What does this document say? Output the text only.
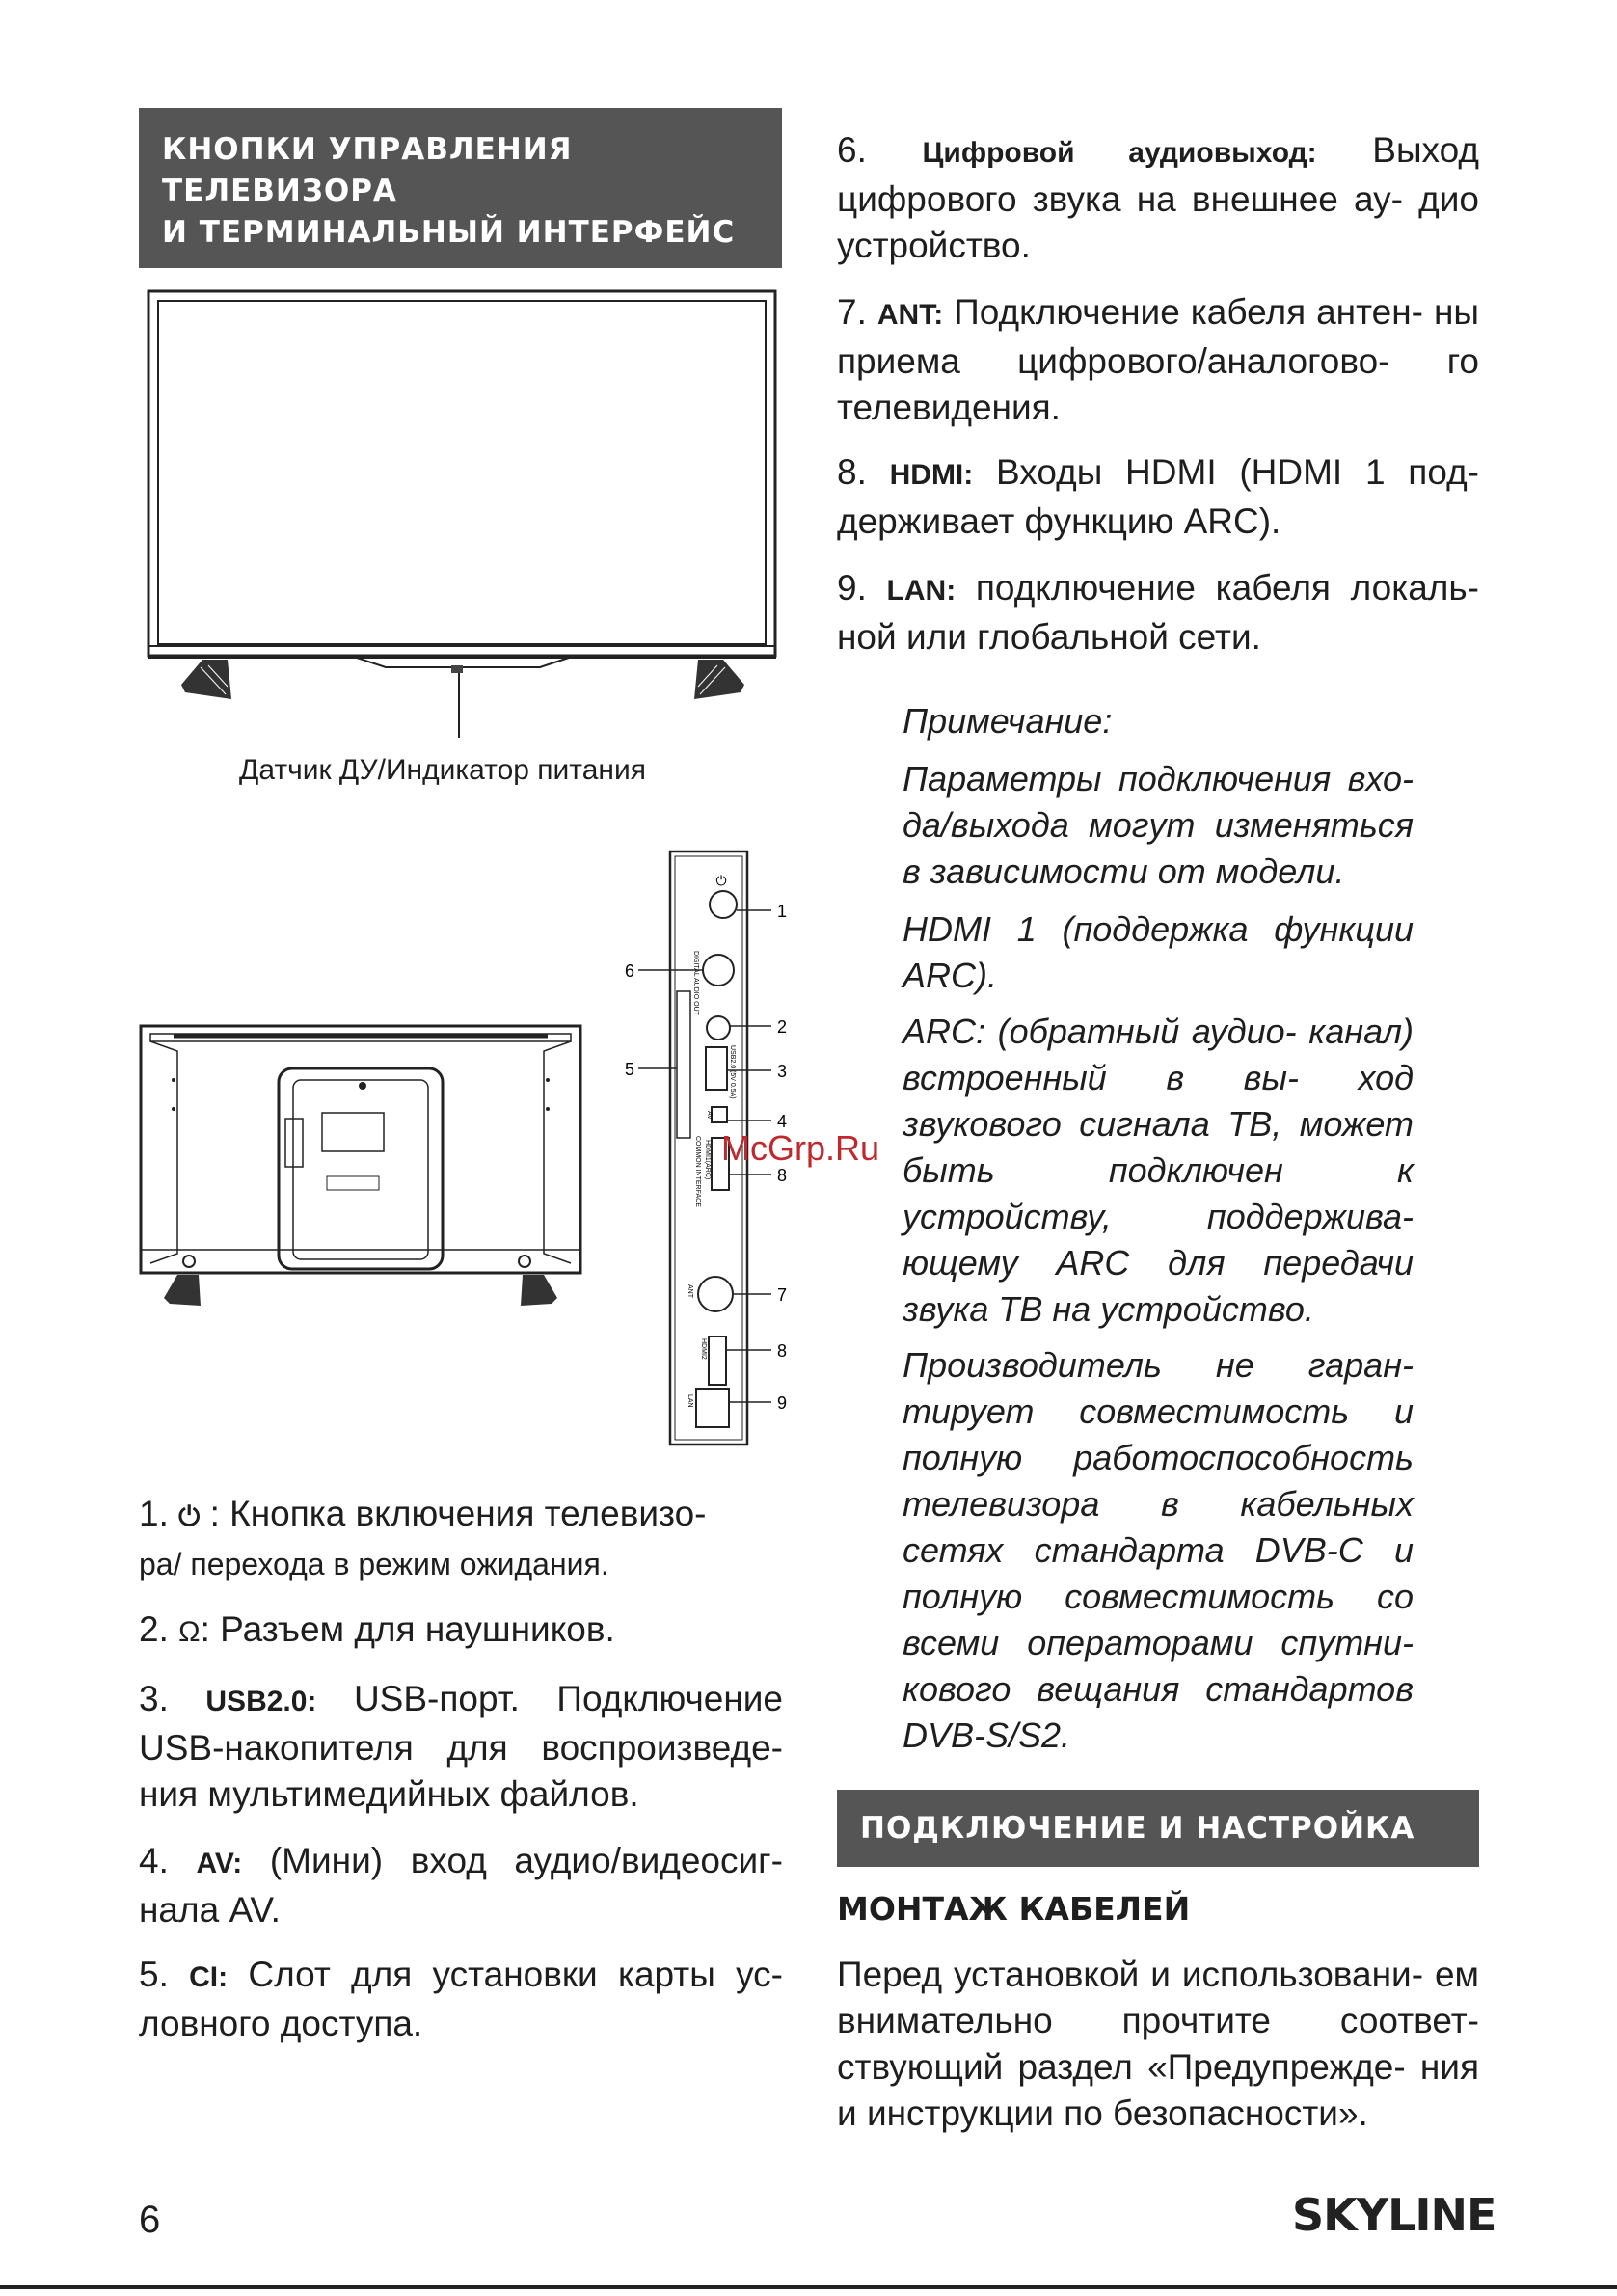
КНОПКИ УПРАВЛЕНИЯ
ТЕЛЕВИЗОРА
И ТЕРМИНАЛЬНЫЙ ИНТЕРФЕЙС
Датчик ДУ/Индикатор питания
⏻
DIGITAL AUDIO OUT
COMMON INTERFACE
USB2.0 (5V 0.5A)
AV
HDMI1(ARC)
ANT
HDMI2
LAN
1
6
2
5	3
4
8
7
8
9
McGrp.Ru
1. ⏻ : Кнопка включения телевизо-
ра/ перехода в режим ожидания.
2. Ω: Разъем для наушников.
3. USB2.0: USB-порт. Подключение USB-накопителя для воспроизведе- ния мультимедийных файлов.
4. AV: (Мини) вход аудио/видеосиг- нала AV.
5. CI: Слот для установки карты ус- ловного доступа.
6. Цифровой аудиовыход: Выход цифрового звука на внешнее ау- дио устройство.
7. ANT: Подключение кабеля антен- ны приема цифрового/аналогово- го телевидения.
8. HDMI: Входы HDMI (HDMI 1 под- держивает функцию ARC).
9. LAN: подключение кабеля локаль- ной или глобальной сети.
Примечание:
Параметры подключения вхо- да/выхода могут изменяться в зависимости от модели.
HDMI 1 (поддержка функции ARC).
ARC: (обратный аудио- канал) встроенный в вы- ход звукового сигнала ТВ, может быть подключен к устройству, поддержива- ющему ARC для передачи звука ТВ на устройство.
Производитель не гаран- тирует совместимость и полную работоспособность телевизора в кабельных сетях стандарта DVB-C и полную совместимость со всеми операторами спутни- кового вещания стандартов DVB-S/S2.
ПОДКЛЮЧЕНИЕ И НАСТРОЙКА
МОНТАЖ КАБЕЛЕЙ
Перед установкой и использовани- ем внимательно прочтите соответ- ствующий раздел «Предупрежде- ния и инструкции по безопасности».
6	SKYLINE
